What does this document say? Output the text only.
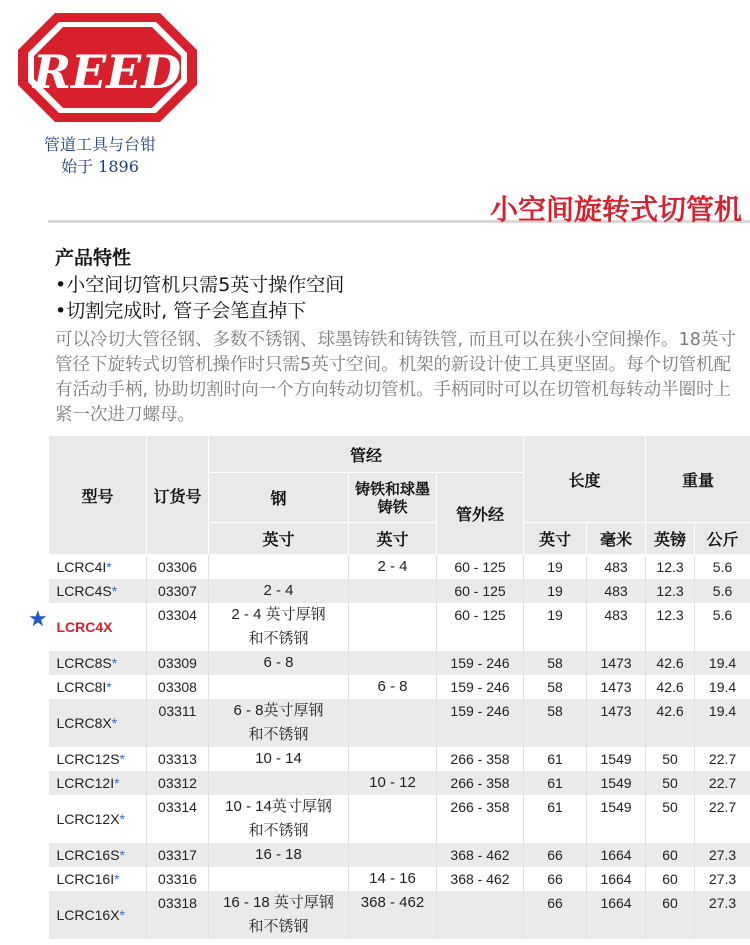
REED
管道工具与台钳
始于 1896
小空间旋转式切管机
产品特性
•小空间切管机只需5英寸操作空间
•切割完成时, 管子会笔直掉下
可以冷切大管径钢、多数不锈钢、球墨铸铁和铸铁管, 而且可以在狭小空间操作。18英寸管径下旋转式切管机操作时只需5英寸空间。机架的新设计使工具更坚固。每个切管机配有活动手柄, 协助切割时向一个方向转动切管机。手柄同时可以在切管机每转动半圈时上紧一次进刀螺母。
★
型号	订货号	管经			长度		重量	
		钢	铸铁和球墨铸铁	管外经				
		英寸	英寸		英寸	毫米	英镑	公斤
LCRC4I*	03306		2 - 4	60 - 125	19	483	12.3	5.6
LCRC4S*	03307	2 - 4		60 - 125	19	483	12.3	5.6
LCRC4X	03304	2 - 4 英寸厚钢
和不锈钢		60 - 125	19	483	12.3	5.6
LCRC8S*	03309	6 - 8		159 - 246	58	1473	42.6	19.4
LCRC8I*	03308		6 - 8	159 - 246	58	1473	42.6	19.4
LCRC8X*	03311	6 - 8英寸厚钢
和不锈钢		159 - 246	58	1473	42.6	19.4
LCRC12S*	03313	10 - 14		266 - 358	61	1549	50	22.7
LCRC12I*	03312		10 - 12	266 - 358	61	1549	50	22.7
LCRC12X*	03314	10 - 14英寸厚钢
和不锈钢		266 - 358	61	1549	50	22.7
LCRC16S*	03317	16 - 18		368 - 462	66	1664	60	27.3
LCRC16I*	03316		14 - 16	368 - 462	66	1664	60	27.3
LCRC16X*	03318	16 - 18 英寸厚钢
和不锈钢	368 - 462		66	1664	60	27.3
